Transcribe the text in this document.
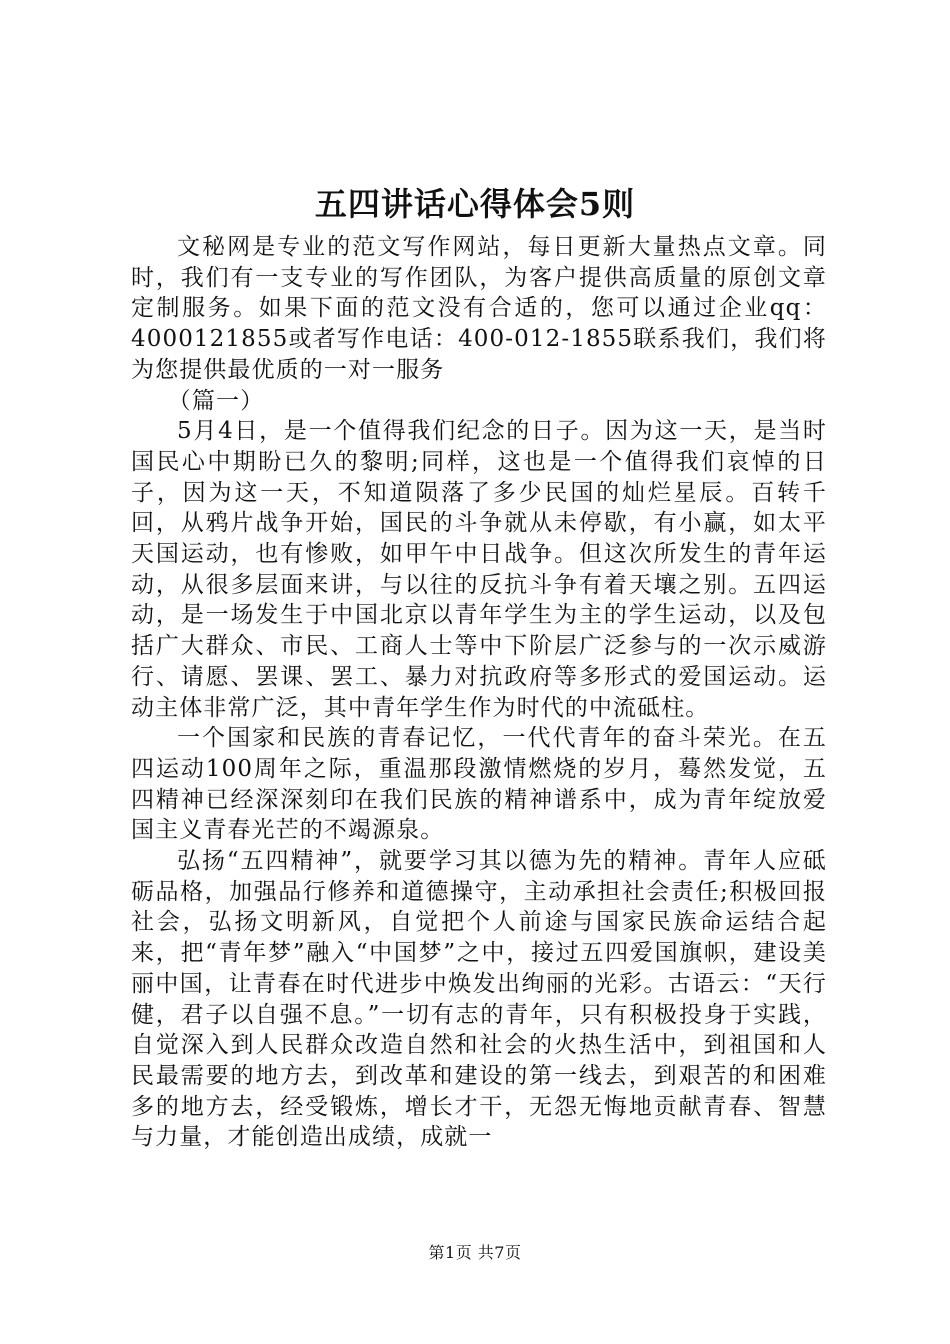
五四讲话心得体会5则

文秘网是专业的范文写作网站，每日更新大量热点文章。同时，我们有一支专业的写作团队，为客户提供高质量的原创文章定制服务。如果下面的范文没有合适的，您可以通过企业qq：4000121855或者写作电话：400-012-1855联系我们，我们将为您提供最优质的一对一服务

（篇一）

5月4日，是一个值得我们纪念的日子。因为这一天，是当时国民心中期盼已久的黎明;同样，这也是一个值得我们哀悼的日子，因为这一天，不知道陨落了多少民国的灿烂星辰。百转千回，从鸦片战争开始，国民的斗争就从未停歇，有小赢，如太平天国运动，也有惨败，如甲午中日战争。但这次所发生的青年运动，从很多层面来讲，与以往的反抗斗争有着天壤之别。五四运动，是一场发生于中国北京以青年学生为主的学生运动，以及包括广大群众、市民、工商人士等中下阶层广泛参与的一次示威游行、请愿、罢课、罢工、暴力对抗政府等多形式的爱国运动。运动主体非常广泛，其中青年学生作为时代的中流砥柱。

一个国家和民族的青春记忆，一代代青年的奋斗荣光。在五四运动100周年之际，重温那段激情燃烧的岁月，蓦然发觉，五四精神已经深深刻印在我们民族的精神谱系中，成为青年绽放爱国主义青春光芒的不竭源泉。

弘扬“五四精神”，就要学习其以德为先的精神。青年人应砥砺品格，加强品行修养和道德操守，主动承担社会责任;积极回报社会，弘扬文明新风，自觉把个人前途与国家民族命运结合起来，把“青年梦”融入“中国梦”之中，接过五四爱国旗帜，建设美丽中国，让青春在时代进步中焕发出绚丽的光彩。古语云：“天行健，君子以自强不息。”一切有志的青年，只有积极投身于实践，自觉深入到人民群众改造自然和社会的火热生活中，到祖国和人民最需要的地方去，到改革和建设的第一线去，到艰苦的和困难多的地方去，经受锻炼，增长才干，无怨无悔地贡献青春、智慧与力量，才能创造出成绩，成就一

第1页 共7页
